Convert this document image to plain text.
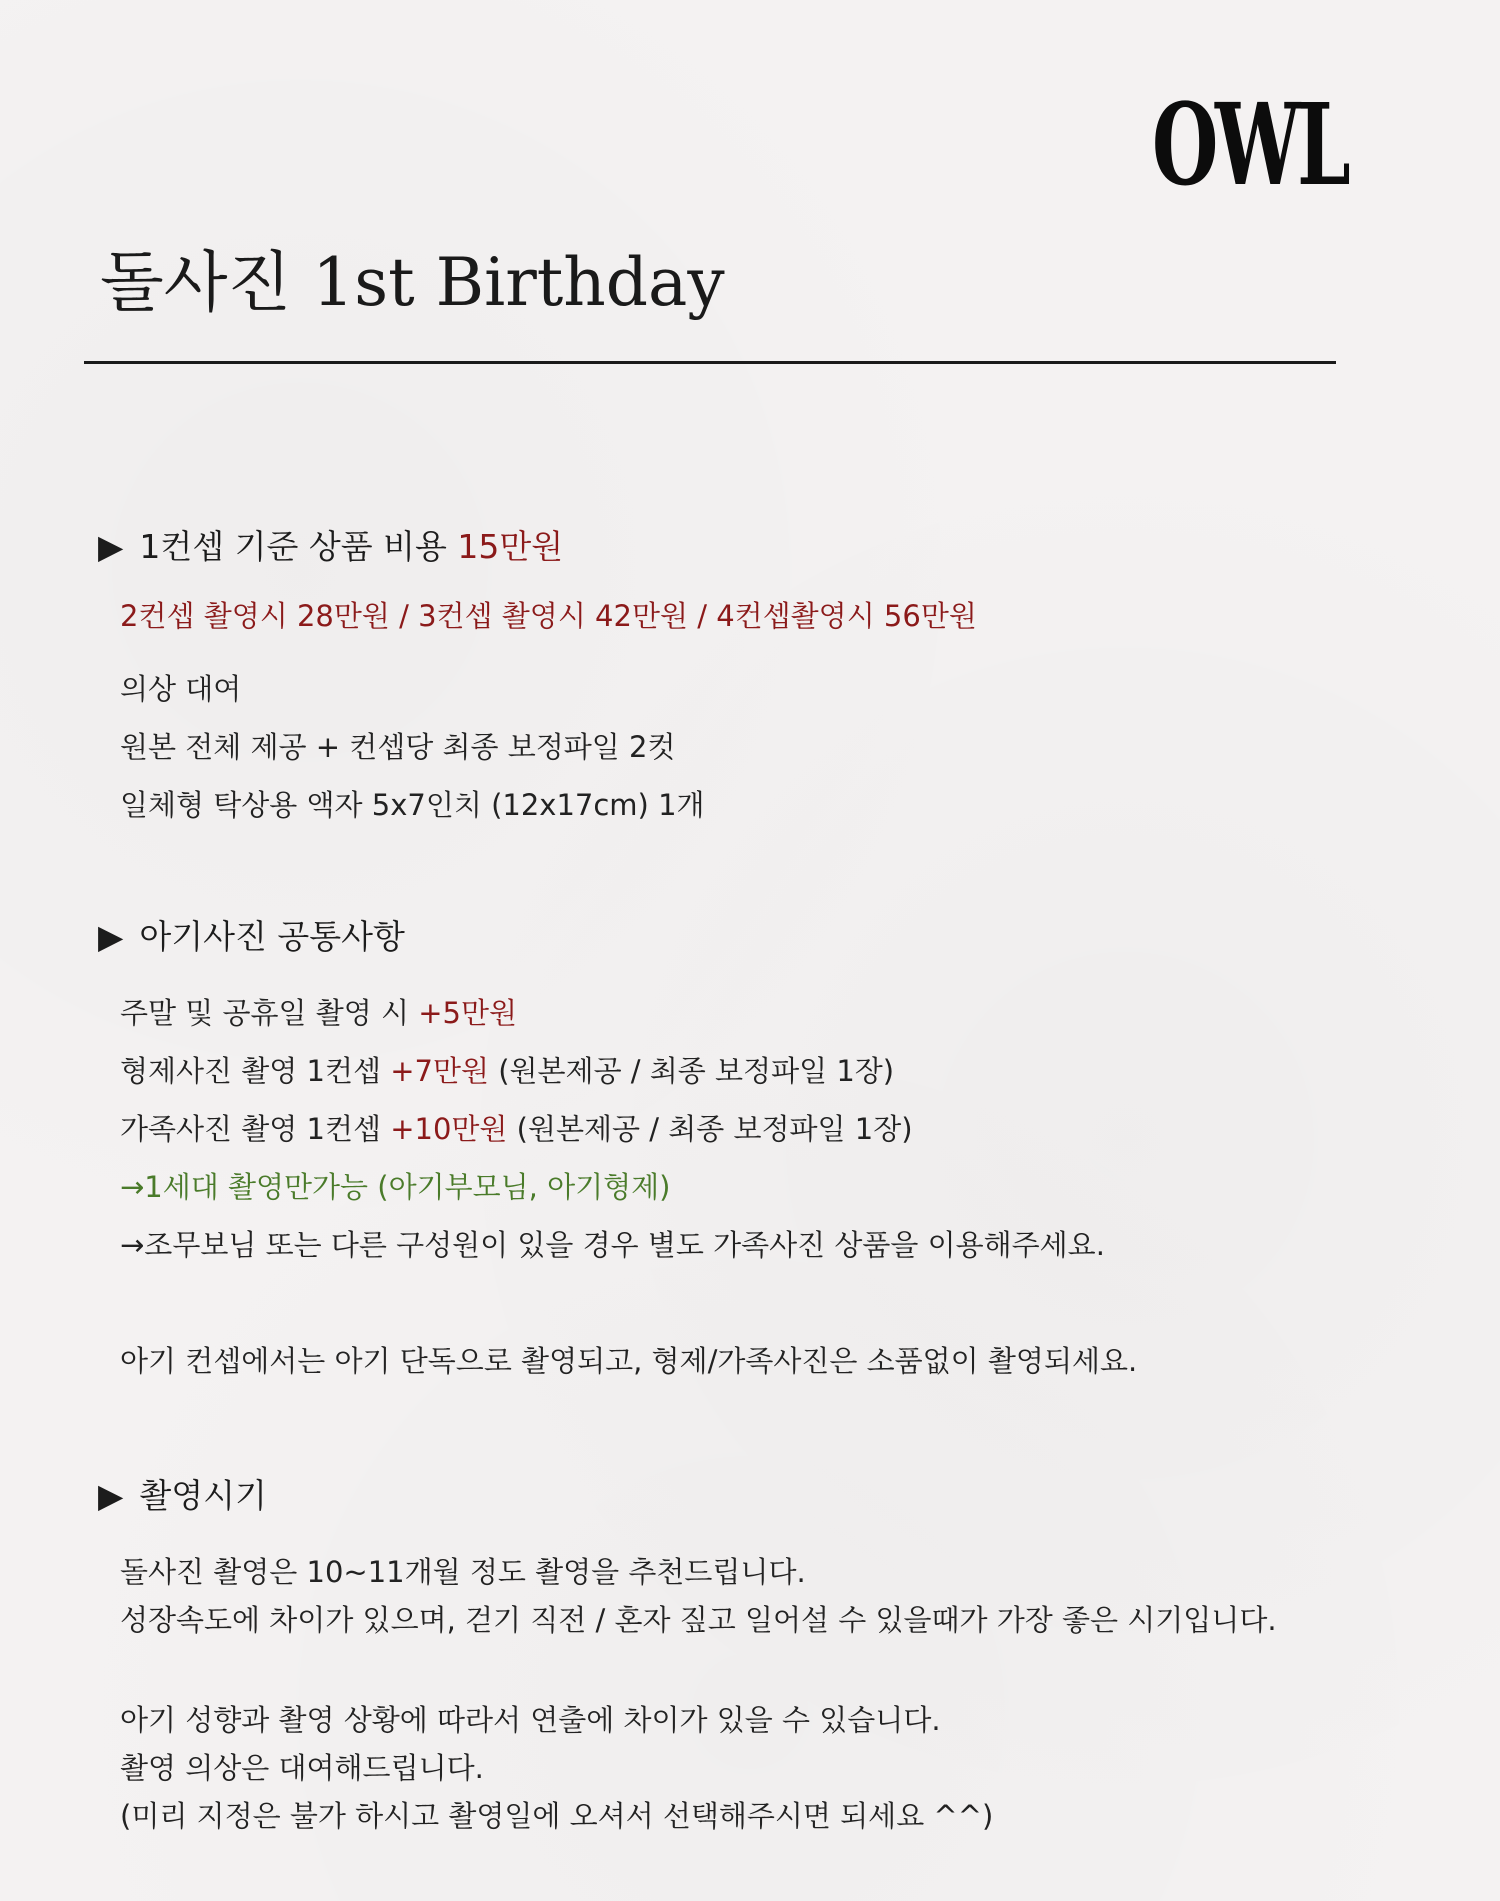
OWL
돌사진 1st Birthday
▶ 1컨셉 기준 상품 비용 15만원

2컨셉 촬영시 28만원 / 3컨셉 촬영시 42만원 / 4컨셉촬영시 56만원

의상 대여

원본 전체 제공 + 컨셉당 최종 보정파일 2컷

일체형 탁상용 액자 5x7인치 (12x17cm) 1개

▶ 아기사진 공통사항

주말 및 공휴일 촬영 시 +5만원

형제사진 촬영 1컨셉 +7만원 (원본제공 / 최종 보정파일 1장)

가족사진 촬영 1컨셉 +10만원 (원본제공 / 최종 보정파일 1장)

→1세대 촬영만가능 (아기부모님, 아기형제)

→조무보님 또는 다른 구성원이 있을 경우 별도 가족사진 상품을 이용해주세요.

아기 컨셉에서는 아기 단독으로 촬영되고, 형제/가족사진은 소품없이 촬영되세요.

▶ 촬영시기

돌사진 촬영은 10~11개월 정도 촬영을 추천드립니다.

성장속도에 차이가 있으며, 걷기 직전 / 혼자 짚고 일어설 수 있을때가 가장 좋은 시기입니다.

아기 성향과 촬영 상황에 따라서 연출에 차이가 있을 수 있습니다.

촬영 의상은 대여해드립니다.

(미리 지정은 불가 하시고 촬영일에 오셔서 선택해주시면 되세요 ^^)
